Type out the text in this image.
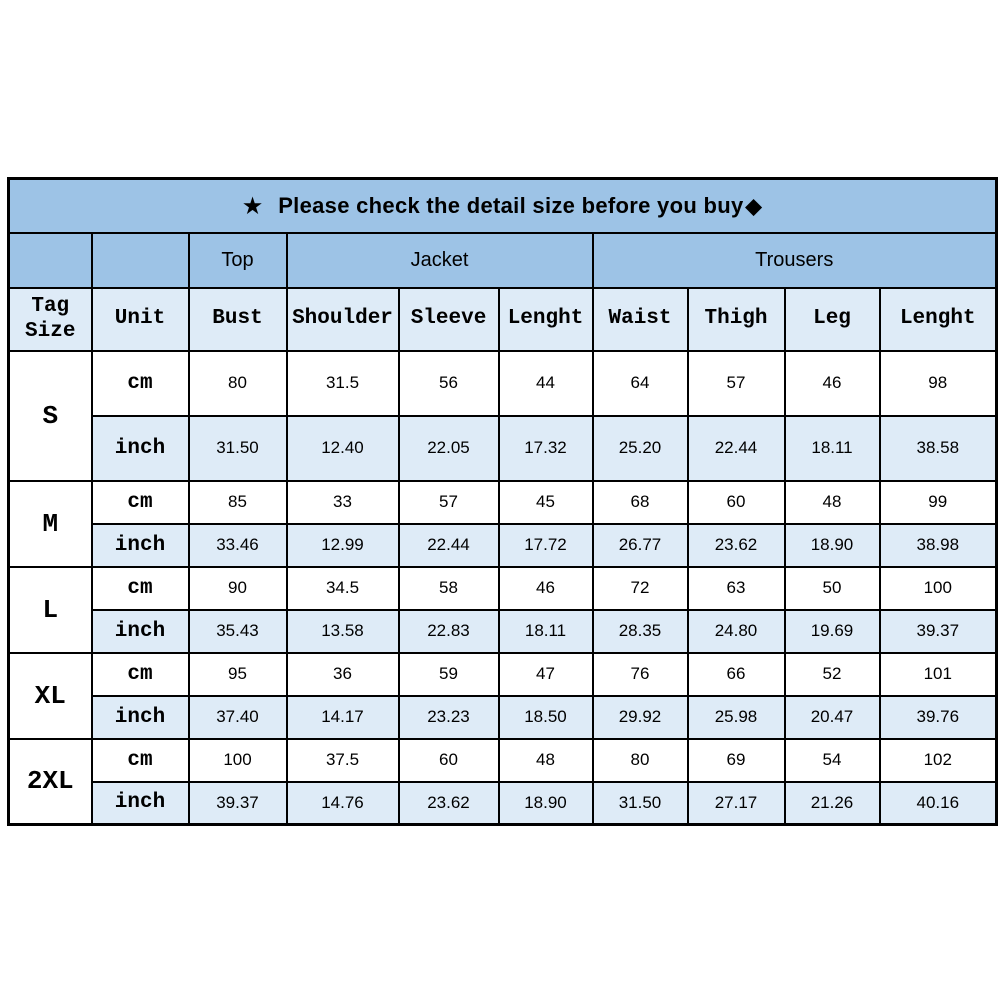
★ Please check the detail size before you buy◆									
		Top	Jacket			Trousers			
Tag Size	Unit	Bust	Shoulder	Sleeve	Lenght	Waist	Thigh	Leg	Lenght
S	cm	80	31.5	56	44	64	57	46	98
	inch	31.50	12.40	22.05	17.32	25.20	22.44	18.11	38.58
M	cm	85	33	57	45	68	60	48	99
	inch	33.46	12.99	22.44	17.72	26.77	23.62	18.90	38.98
L	cm	90	34.5	58	46	72	63	50	100
	inch	35.43	13.58	22.83	18.11	28.35	24.80	19.69	39.37
XL	cm	95	36	59	47	76	66	52	101
	inch	37.40	14.17	23.23	18.50	29.92	25.98	20.47	39.76
2XL	cm	100	37.5	60	48	80	69	54	102
	inch	39.37	14.76	23.62	18.90	31.50	27.17	21.26	40.16
